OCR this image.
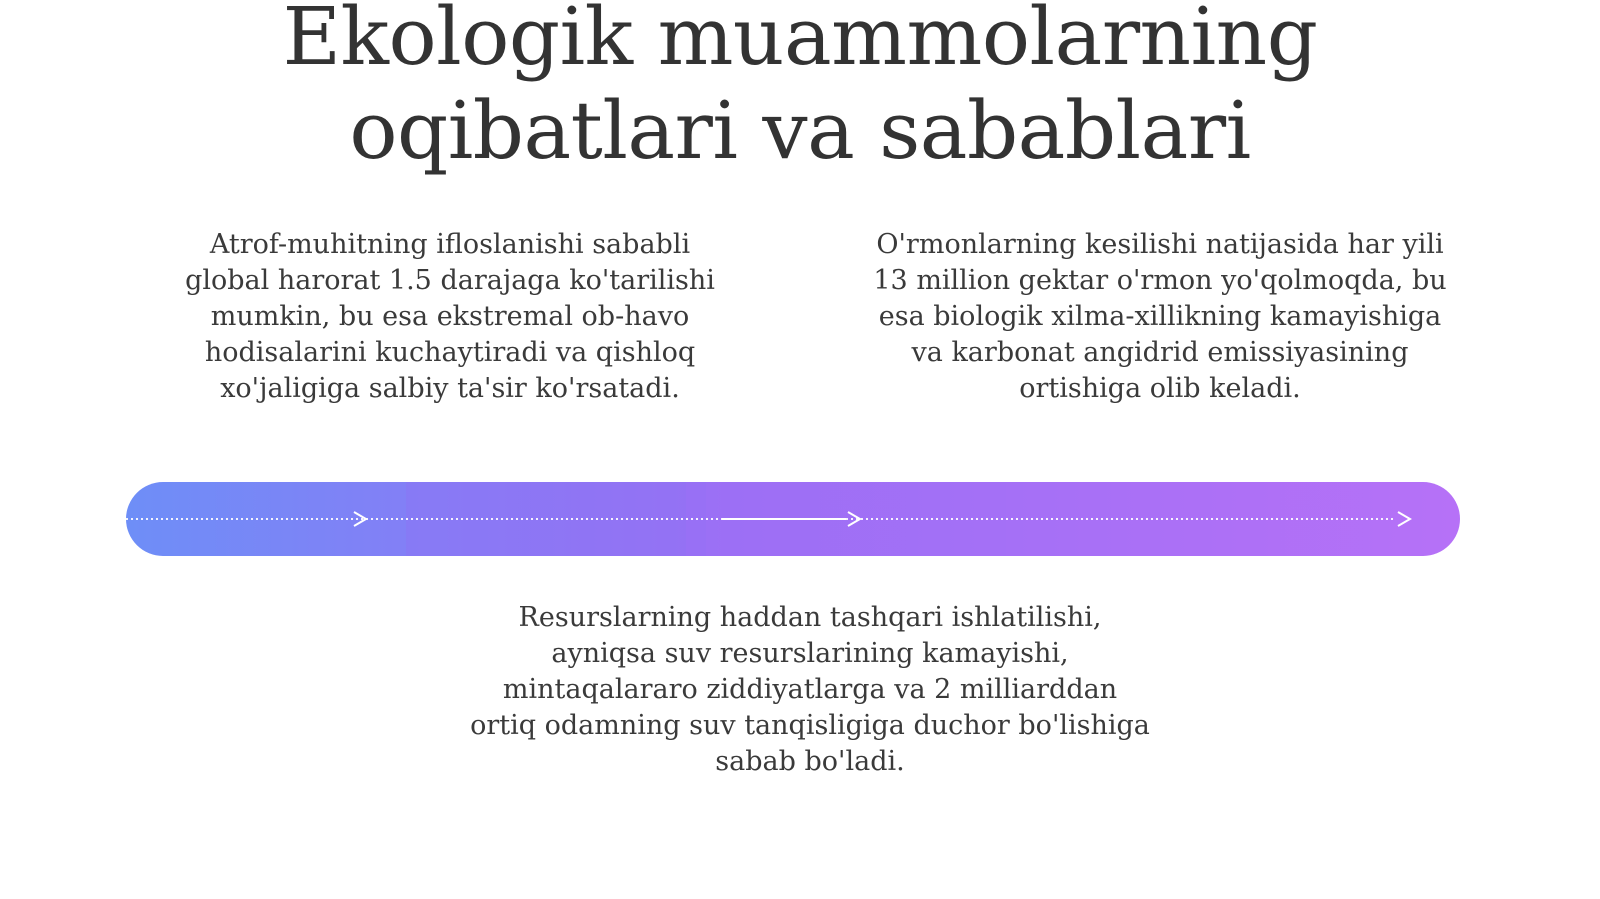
Ekologik muammolarning
oqibatlari va sabablari

Atrof-muhitning ifloslanishi sababli
global harorat 1.5 darajaga ko'tarilishi
mumkin, bu esa ekstremal ob-havo
hodisalarini kuchaytiradi va qishloq
xo'jaligiga salbiy ta'sir ko'rsatadi.

O'rmonlarning kesilishi natijasida har yili
13 million gektar o'rmon yo'qolmoqda, bu
esa biologik xilma-xillikning kamayishiga
va karbonat angidrid emissiyasining
ortishiga olib keladi.

Resurslarning haddan tashqari ishlatilishi,
ayniqsa suv resurslarining kamayishi,
mintaqalararo ziddiyatlarga va 2 milliarddan
ortiq odamning suv tanqisligiga duchor bo'lishiga
sabab bo'ladi.
